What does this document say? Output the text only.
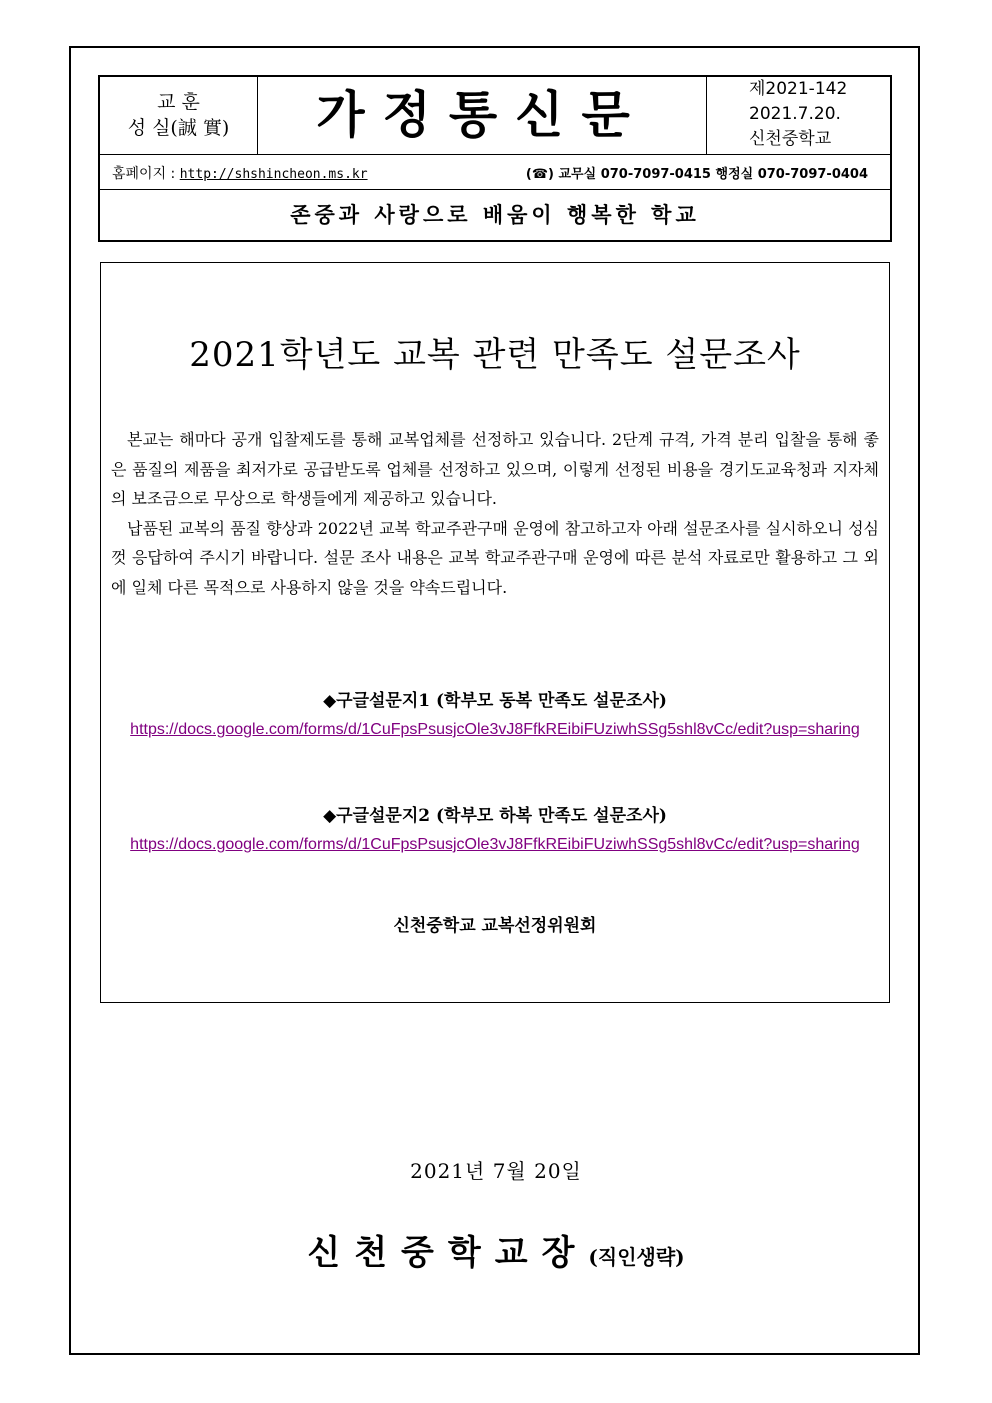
교 훈
성 실(誠 實)	가정통신문	제2021-142
2021.7.20.
신천중학교
홈페이지 : http://shshincheon.ms.kr	(☎) 교무실 070-7097-0415 행정실 070-7097-0404
존중과 사랑으로 배움이 행복한 학교
2021학년도 교복 관련 만족도 설문조사

본교는 해마다 공개 입찰제도를 통해 교복업체를 선정하고 있습니다. 2단계 규격, 가격 분리 입찰을 통해 좋은 품질의 제품을 최저가로 공급받도록 업체를 선정하고 있으며, 이렇게 선정된 비용을 경기도교육청과 지자체의 보조금으로 무상으로 학생들에게 제공하고 있습니다.

납품된 교복의 품질 향상과 2022년 교복 학교주관구매 운영에 참고하고자 아래 설문조사를 실시하오니 성심껏 응답하여 주시기 바랍니다. 설문 조사 내용은 교복 학교주관구매 운영에 따른 분석 자료로만 활용하고 그 외에 일체 다른 목적으로 사용하지 않을 것을 약속드립니다.

◆구글설문지1 (학부모 동복 만족도 설문조사)
https://docs.google.com/forms/d/1CuFpsPsusjcOle3vJ8FfkREibiFUziwhSSg5shl8vCc/edit?usp=sharing
◆구글설문지2 (학부모 하복 만족도 설문조사)
https://docs.google.com/forms/d/1CuFpsPsusjcOle3vJ8FfkREibiFUziwhSSg5shl8vCc/edit?usp=sharing
신천중학교 교복선정위원회
2021년 7월 20일
신천중학교장(직인생략)
